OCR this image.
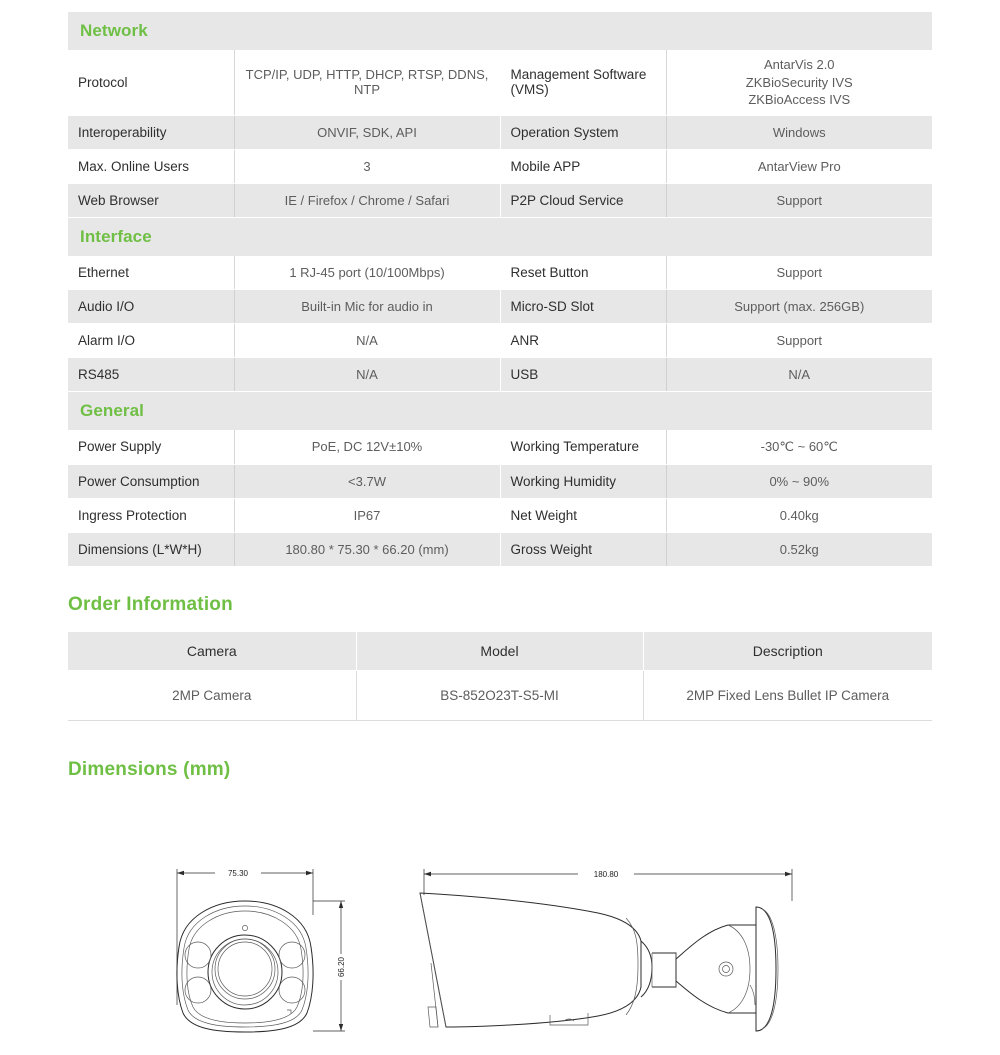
Network
Protocol	TCP/IP, UDP, HTTP, DHCP, RTSP, DDNS, NTP	Management Software (VMS)	AntarVis 2.0
ZKBioSecurity IVS
ZKBioAccess IVS

Interoperability	ONVIF, SDK, API	Operation System	Windows
Max. Online Users	3	Mobile APP	AntarView Pro
Web Browser	IE / Firefox / Chrome / Safari	P2P Cloud Service	Support
Interface
Ethernet	1 RJ-45 port (10/100Mbps)	Reset Button	Support
Audio I/O	Built-in Mic for audio in	Micro-SD Slot	Support (max. 256GB)
Alarm I/O	N/A	ANR	Support
RS485	N/A	USB	N/A
General
Power Supply	PoE, DC 12V±10%	Working Temperature	-30℃ ~ 60℃
Power Consumption	<3.7W	Working Humidity	0% ~ 90%
Ingress Protection	IP67	Net Weight	0.40kg
Dimensions (L*W*H)	180.80 * 75.30 * 66.20 (mm)	Gross Weight	0.52kg
Order Information
Camera	Model	Description
2MP Camera	BS-852O23T-S5-MI	2MP Fixed Lens Bullet IP Camera
Dimensions (mm)
75.30
66.20
180.80
